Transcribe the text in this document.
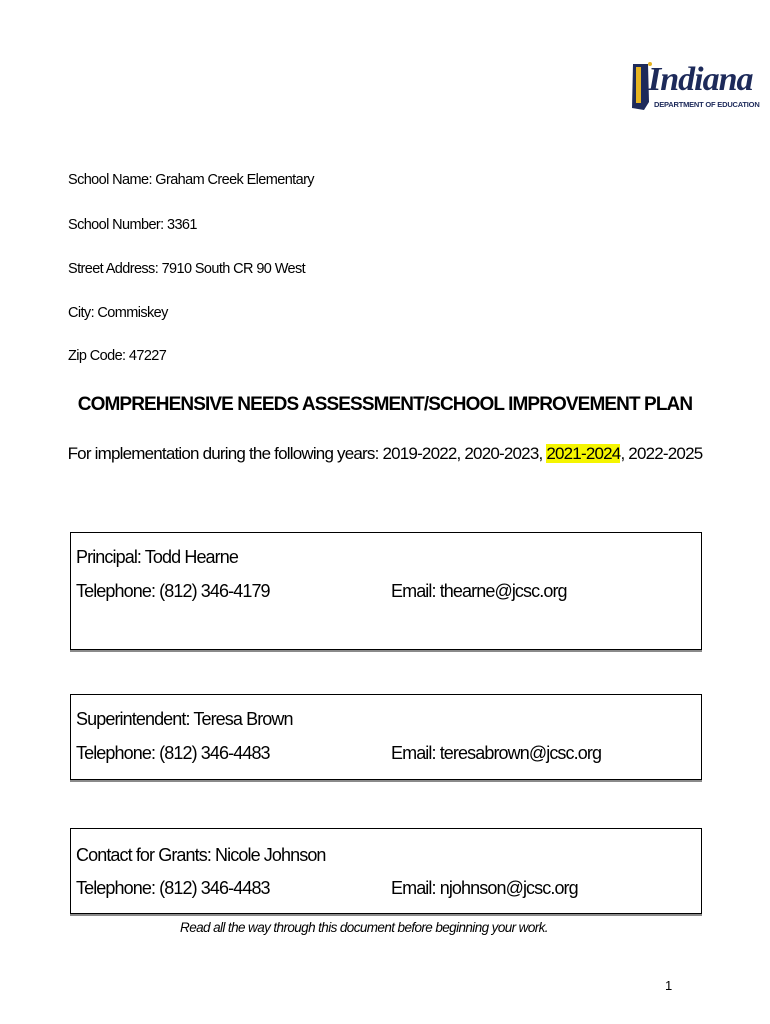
Indiana
DEPARTMENT OF EDUCATION
School Name: Graham Creek Elementary
School Number: 3361
Street Address: 7910 South CR 90 West
City: Commiskey
Zip Code: 47227
COMPREHENSIVE NEEDS ASSESSMENT/SCHOOL IMPROVEMENT PLAN
For implementation during the following years: 2019-2022, 2020-2023, 2021-2024, 2022-2025
Principal: Todd Hearne
Telephone: (812) 346-4179	Email: thearne@jcsc.org
Superintendent: Teresa Brown
Telephone: (812) 346-4483	Email: teresabrown@jcsc.org
Contact for Grants: Nicole Johnson
Telephone: (812) 346-4483	Email: njohnson@jcsc.org
Read all the way through this document before beginning your work.
1
